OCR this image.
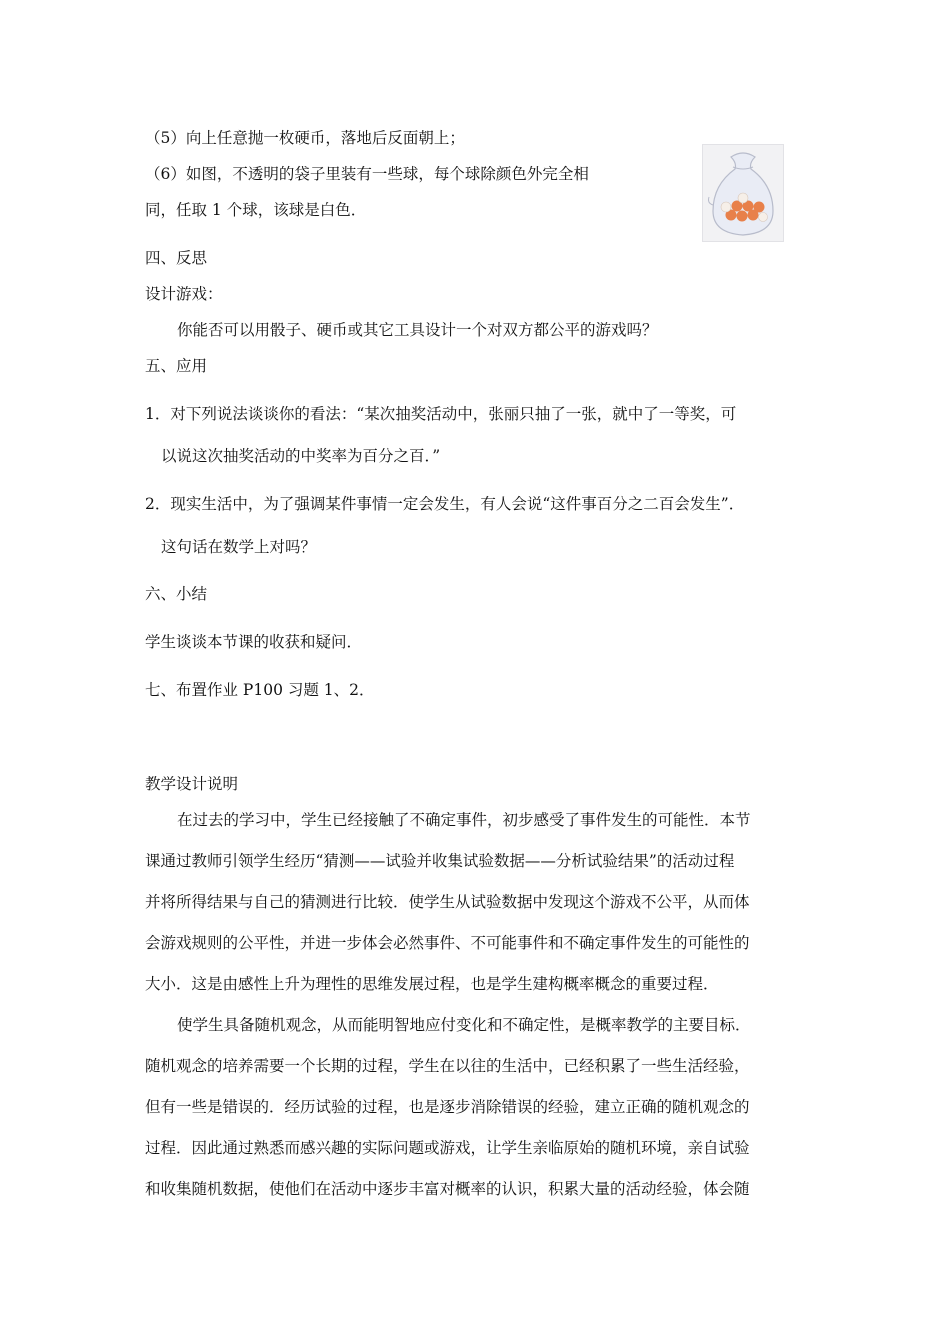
（5）向上任意抛一枚硬币，落地后反面朝上；
（6）如图，不透明的袋子里装有一些球，每个球除颜色外完全相
同，任取 1 个球，该球是白色．
四、反思
设计游戏：
你能否可以用骰子、硬币或其它工具设计一个对双方都公平的游戏吗？
五、应用
1．对下列说法谈谈你的看法：“某次抽奖活动中，张丽只抽了一张，就中了一等奖，可
以说这次抽奖活动的中奖率为百分之百．”
2．现实生活中，为了强调某件事情一定会发生，有人会说“这件事百分之二百会发生”．
这句话在数学上对吗？
六、小结
学生谈谈本节课的收获和疑问．
七、布置作业 P100 习题 1、2．
教学设计说明
在过去的学习中，学生已经接触了不确定事件，初步感受了事件发生的可能性．本节
课通过教师引领学生经历“猜测——试验并收集试验数据——分析试验结果”的活动过程
并将所得结果与自己的猜测进行比较．使学生从试验数据中发现这个游戏不公平，从而体
会游戏规则的公平性，并进一步体会必然事件、不可能事件和不确定事件发生的可能性的
大小．这是由感性上升为理性的思维发展过程，也是学生建构概率概念的重要过程．
使学生具备随机观念，从而能明智地应付变化和不确定性，是概率教学的主要目标．
随机观念的培养需要一个长期的过程，学生在以往的生活中，已经积累了一些生活经验，
但有一些是错误的．经历试验的过程，也是逐步消除错误的经验，建立正确的随机观念的
过程．因此通过熟悉而感兴趣的实际问题或游戏，让学生亲临原始的随机环境，亲自试验
和收集随机数据，使他们在活动中逐步丰富对概率的认识，积累大量的活动经验，体会随
